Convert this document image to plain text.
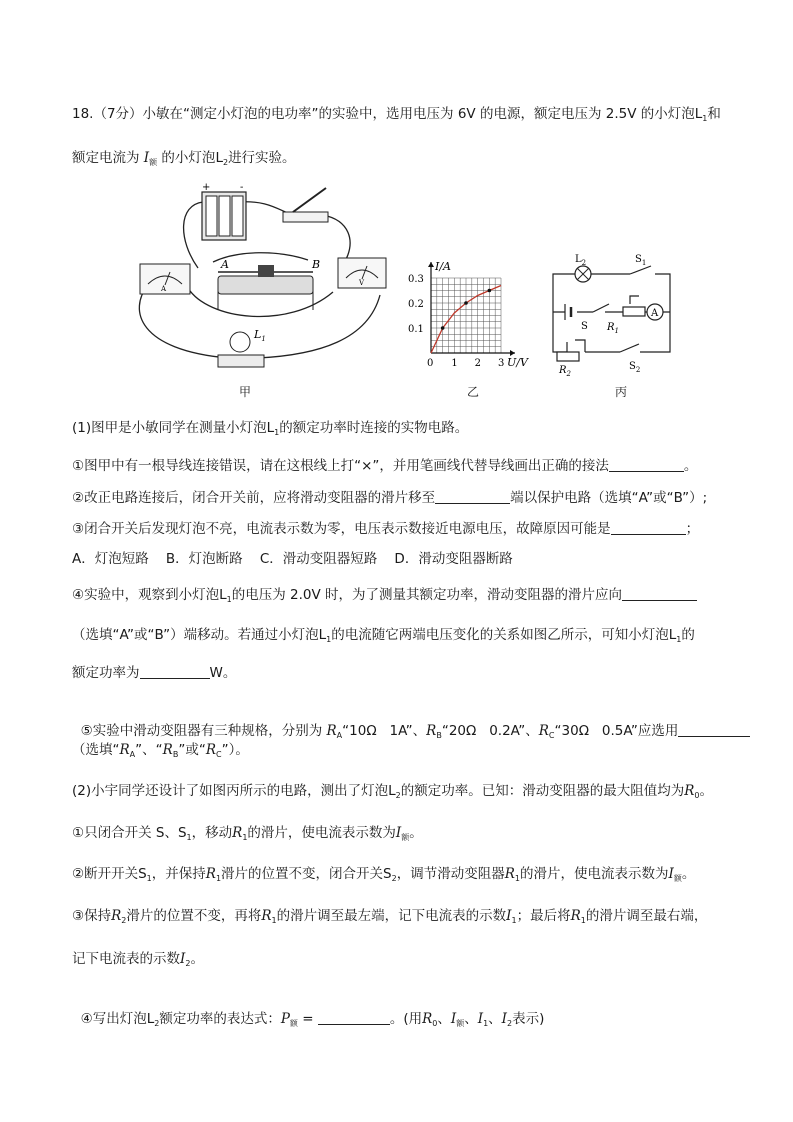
18.（7分）小敏在“测定小灯泡的电功率”的实验中，选用电压为 6V 的电源，额定电压为 2.5V 的小灯泡$L_1$和
额定电流为 $I_额$ 的小灯泡$L_2$进行实验。
+	-
A
A	B
V
$L_1$
甲
0 1 2 3
0.1
0.2
0.3
I/A
U/V
乙
A
$L_2$	$S_1$
S $R_1$
$R_2$
$S_2$
丙
(1)图甲是小敏同学在测量小灯泡$L_1$的额定功率时连接的实物电路。
①图甲中有一根导线连接错误，请在这根线上打“×”，并用笔画线代替导线画出正确的接法	。
②改正电路连接后，闭合开关前，应将滑动变阻器的滑片移至	端以保护电路（选填“A”或“B”）;
③闭合开关后发现灯泡不亮，电流表示数为零，电压表示数接近电源电压，故障原因可能是	；
A．灯泡短路    B．灯泡断路    C．滑动变阻器短路    D．滑动变阻器断路
④实验中，观察到小灯泡$L_1$的电压为 2.0V 时，为了测量其额定功率，滑动变阻器的滑片应向
（选填“A”或“B”）端移动。若通过小灯泡$L_1$的电流随它两端电压变化的关系如图乙所示，可知小灯泡$L_1$的
额定功率为	W。

⑤实验中滑动变阻器有三种规格，分别为 $R_A“10\Omega$   1A”、$R_B“20\Omega$   0.2A”、$R_C“30\Omega$   0.5A”应选用

（选填“$R_A$”、“$R_B$”或“$R_C$”）。
(2)小宇同学还设计了如图丙所示的电路，测出了灯泡$L_2$的额定功率。已知：滑动变阻器的最大阻值均为$R_0$。
①只闭合开关 S、$S_1$，移动$R_1$的滑片，使电流表示数为$I_额$。
②断开开关$S_1$，并保持$R_1$滑片的位置不变，闭合开关$S_2$，调节滑动变阻器$R_1$的滑片，使电流表示数为$I_额$。
③保持$R_2$滑片的位置不变，再将$R_1$的滑片调至最左端，记下电流表的示数$I_1$；最后将$R_1$的滑片调至最右端，
记下电流表的示数$I_2$。

④写出灯泡$L_2$额定功率的表达式：$P_额$ =	。(用$R_0$、$I_额$、$I_1$、$I_2$表示)
